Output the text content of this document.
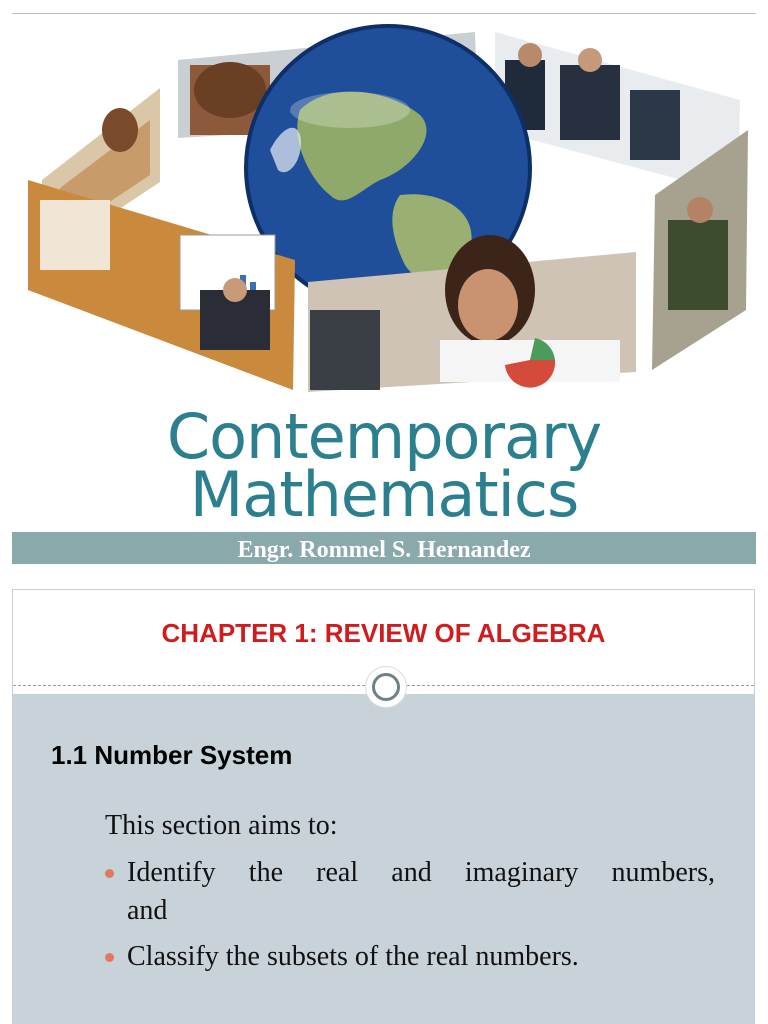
Contemporary
Mathematics
Engr. Rommel S. Hernandez
CHAPTER 1: REVIEW OF ALGEBRA
1.1 Number System
This section aims to:
Identify the real and imaginary numbers,
and
Classify the subsets of the real numbers.
